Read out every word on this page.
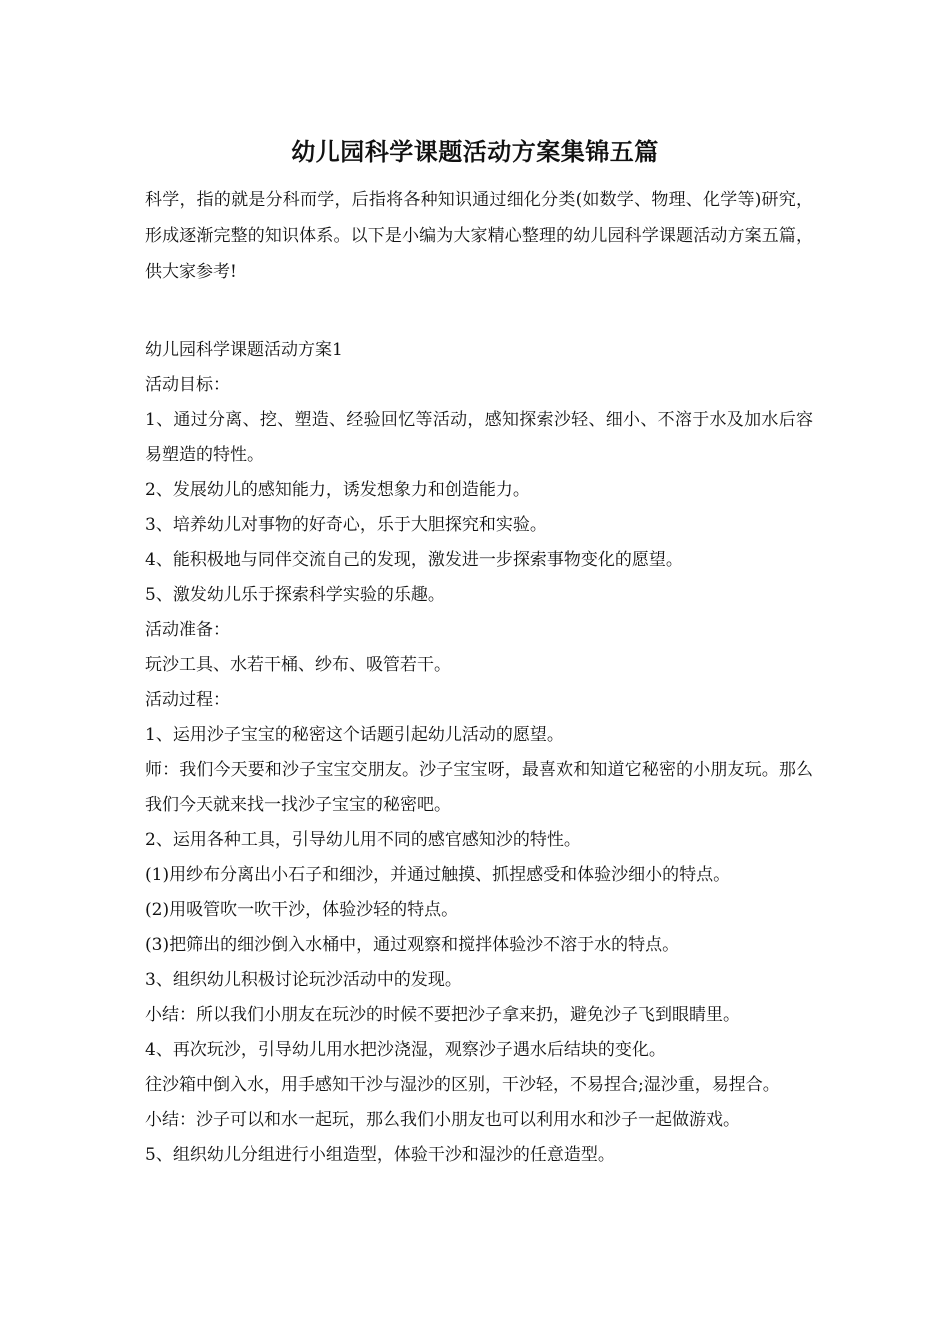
幼儿园科学课题活动方案集锦五篇

科学，指的就是分科而学，后指将各种知识通过细化分类(如数学、物理、化学等)研究，形成逐渐完整的知识体系。以下是小编为大家精心整理的幼儿园科学课题活动方案五篇，供大家参考!

幼儿园科学课题活动方案1

活动目标：

1、通过分离、挖、塑造、经验回忆等活动，感知探索沙轻、细小、不溶于水及加水后容易塑造的特性。

2、发展幼儿的感知能力，诱发想象力和创造能力。

3、培养幼儿对事物的好奇心，乐于大胆探究和实验。

4、能积极地与同伴交流自己的发现，激发进一步探索事物变化的愿望。

5、激发幼儿乐于探索科学实验的乐趣。

活动准备：

玩沙工具、水若干桶、纱布、吸管若干。

活动过程：

1、运用沙子宝宝的秘密这个话题引起幼儿活动的愿望。

师：我们今天要和沙子宝宝交朋友。沙子宝宝呀，最喜欢和知道它秘密的小朋友玩。那么我们今天就来找一找沙子宝宝的秘密吧。

2、运用各种工具，引导幼儿用不同的感官感知沙的特性。

(1)用纱布分离出小石子和细沙，并通过触摸、抓捏感受和体验沙细小的特点。

(2)用吸管吹一吹干沙，体验沙轻的特点。

(3)把筛出的细沙倒入水桶中，通过观察和搅拌体验沙不溶于水的特点。

3、组织幼儿积极讨论玩沙活动中的发现。

小结：所以我们小朋友在玩沙的时候不要把沙子拿来扔，避免沙子飞到眼睛里。

4、再次玩沙，引导幼儿用水把沙浇湿，观察沙子遇水后结块的变化。

往沙箱中倒入水，用手感知干沙与湿沙的区别，干沙轻，不易捏合;湿沙重，易捏合。

小结：沙子可以和水一起玩，那么我们小朋友也可以利用水和沙子一起做游戏。

5、组织幼儿分组进行小组造型，体验干沙和湿沙的任意造型。
